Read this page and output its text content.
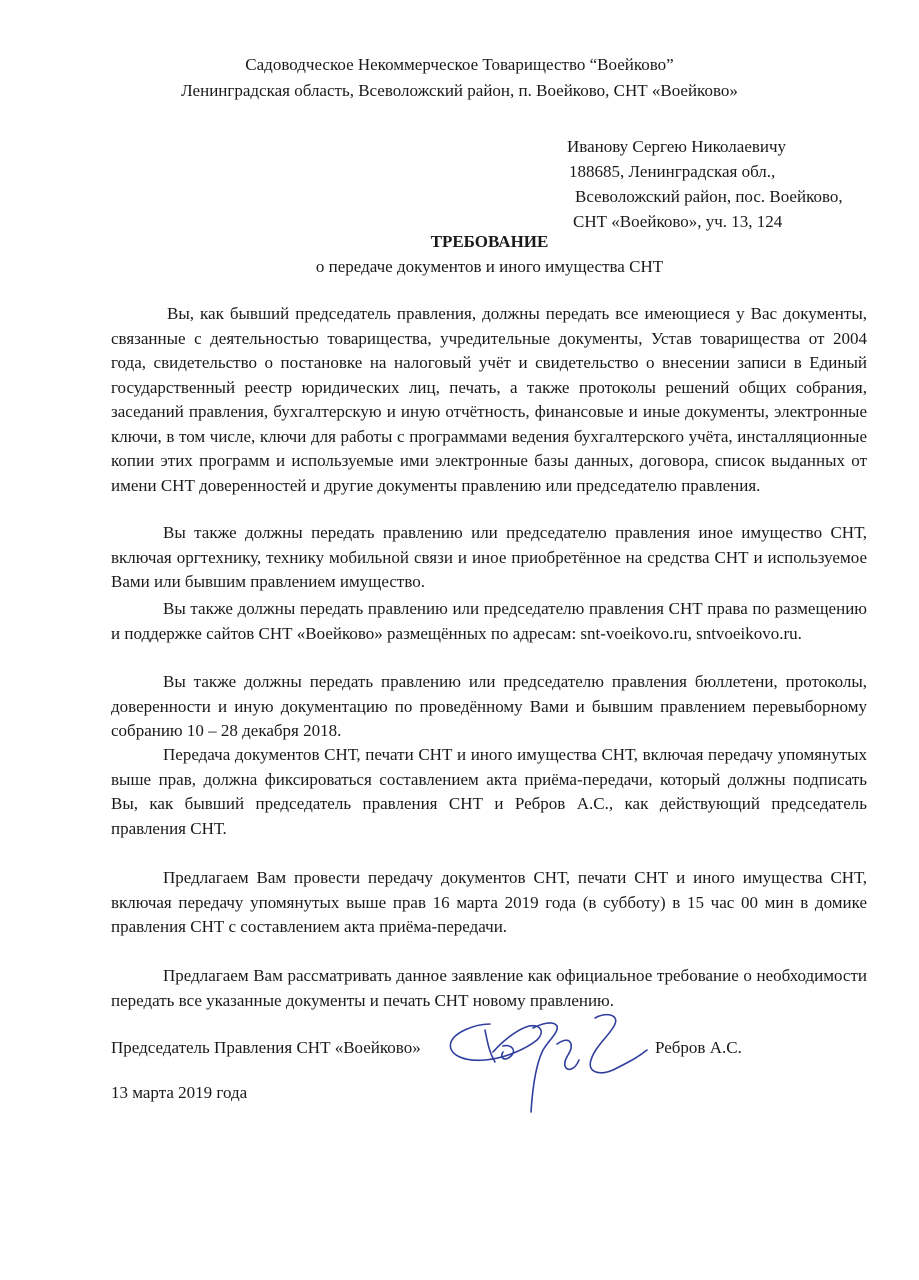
Садоводческое Некоммерческое Товарищество “Воейково”
Ленинградская область, Всеволожский район, п. Воейково, СНТ «Воейково»
Иванову Сергею Николаевичу
188685, Ленинградская обл.,
Всеволожский район, пос. Воейково,
СНТ «Воейково», уч. 13, 124
ТРЕБОВАНИЕ
о передаче документов и иного имущества СНТ

Вы, как бывший председатель правления, должны передать все имеющиеся у Вас документы, связанные с деятельностью товарищества, учредительные документы, Устав товарищества от 2004 года, свидетельство о постановке на налоговый учёт и свидетельство о внесении записи в Единый государственный реестр юридических лиц, печать, а также протоколы решений общих собрания, заседаний правления, бухгалтерскую и иную отчётность, финансовые и иные документы, электронные ключи, в том числе, ключи для работы с программами ведения бухгалтерского учёта, инсталляционные копии этих программ и используемые ими электронные базы данных, договора, список выданных от имени СНТ доверенностей и другие документы правлению или председателю правления.

Вы также должны передать правлению или председателю правления иное имущество СНТ, включая оргтехнику, технику мобильной связи и иное приобретённое на средства СНТ и используемое Вами или бывшим правлением имущество.

Вы также должны передать правлению или председателю правления СНТ права по размещению и поддержке сайтов СНТ «Воейково» размещённых по адресам: snt-voeikovo.ru, sntvoeikovo.ru.

Вы также должны передать правлению или председателю правления бюллетени, протоколы, доверенности и иную документацию по проведённому Вами и бывшим правлением перевыборному собранию 10 – 28 декабря 2018.

Передача документов СНТ, печати СНТ и иного имущества СНТ, включая передачу упомянутых выше прав, должна фиксироваться составлением акта приёма-передачи, который должны подписать Вы, как бывший председатель правления СНТ и Ребров А.С., как действующий председатель правления СНТ.

Предлагаем Вам провести передачу документов СНТ, печати СНТ и иного имущества СНТ, включая передачу упомянутых выше прав 16 марта 2019 года (в субботу) в 15 час 00 мин в домике правления СНТ с составлением акта приёма-передачи.

Предлагаем Вам рассматривать данное заявление как официальное требование о необходимости передать все указанные документы и печать СНТ новому правлению.

Председатель Правления СНТ «Воейково»	Ребров А.С.
13 марта 2019 года
